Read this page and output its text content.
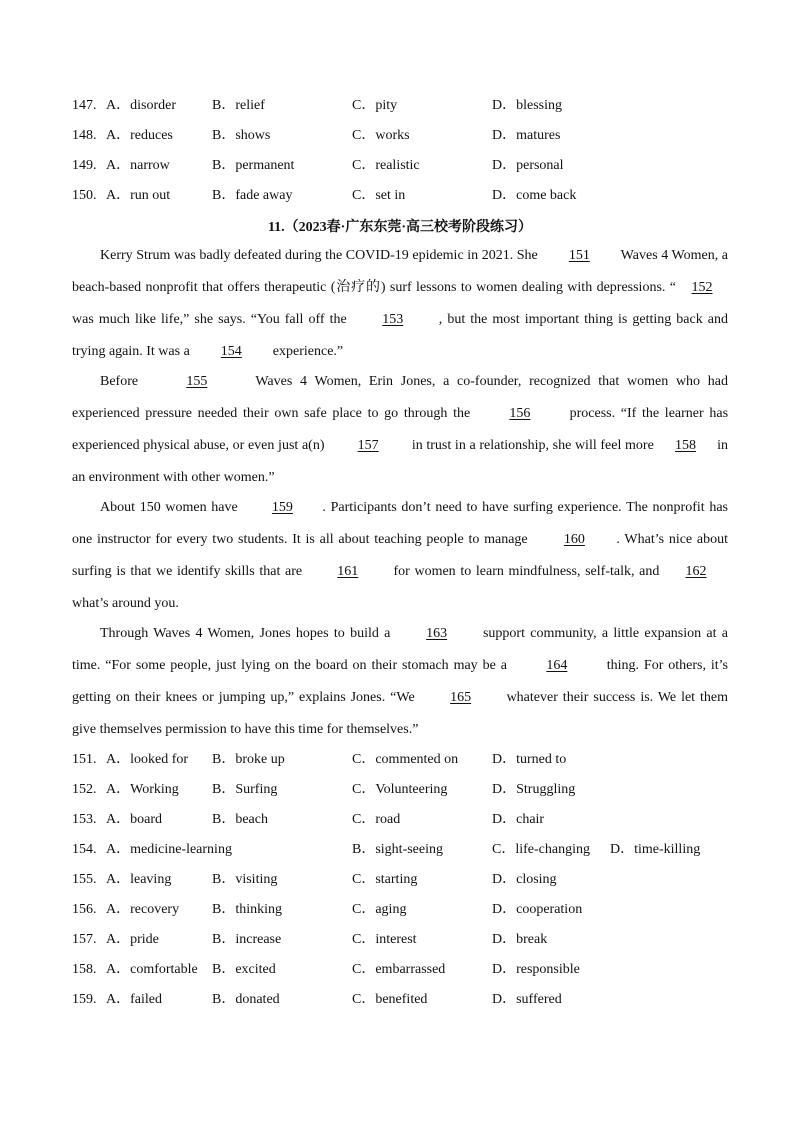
147. A．disorder	B．relief	C．pity	D．blessing
148. A．reduces	B．shows	C．works	D．matures
149. A．narrow	B．permanent	C．realistic	D．personal
150. A．run out	B．fade away	C．set in	D．come back
11.（2023春·广东东莞·高三校考阶段练习）
Kerry Strum was badly defeated during the COVID-19 epidemic in 2021. She 151 Waves 4 Women, a beach-based nonprofit that offers therapeutic (治疗的) surf lessons to women dealing with depressions. “ 152 was much like life,” she says. “You fall off the	153	, but the most important thing is getting back and trying again. It was a 154 experience.”
Before	155	Waves 4 Women, Erin Jones, a co-founder, recognized that women who had experienced pressure needed their own safe place to go through the	156	process. “If the learner has experienced physical abuse, or even just a(n) 157 in trust in a relationship, she will feel more 158 in an environment with other women.”
About 150 women have 159 . Participants don’t need to have surfing experience. The nonprofit has one instructor for every two students. It is all about teaching people to manage	160 . What’s nice about surfing is that we identify skills that are	161	for women to learn mindfulness, self-talk, and 162 what’s around you.
Through Waves 4 Women, Jones hopes to build a	163	support community, a little expansion at a time. “For some people, just lying on the board on their stomach may be a	164	thing. For others, it’s getting on their knees or jumping up,” explains Jones. “We	165	whatever their success is. We let them give themselves permission to have this time for themselves.”
151. A．looked for B．broke up	C．commented on D．turned to
152. A．Working B．Surfing	C．Volunteering	D．Struggling
153. A．board	B．beach	C．road	D．chair
154. A．medicine-learning	B．sight-seeing	C．life-changing D．time-killing
155. A．leaving	B．visiting	C．starting	D．closing
156. A．recovery B．thinking	C．aging	D．cooperation
157. A．pride	B．increase	C．interest	D．break
158. A．comfortable B．excited	C．embarrassed	D．responsible
159. A．failed	B．donated	C．benefited	D．suffered
